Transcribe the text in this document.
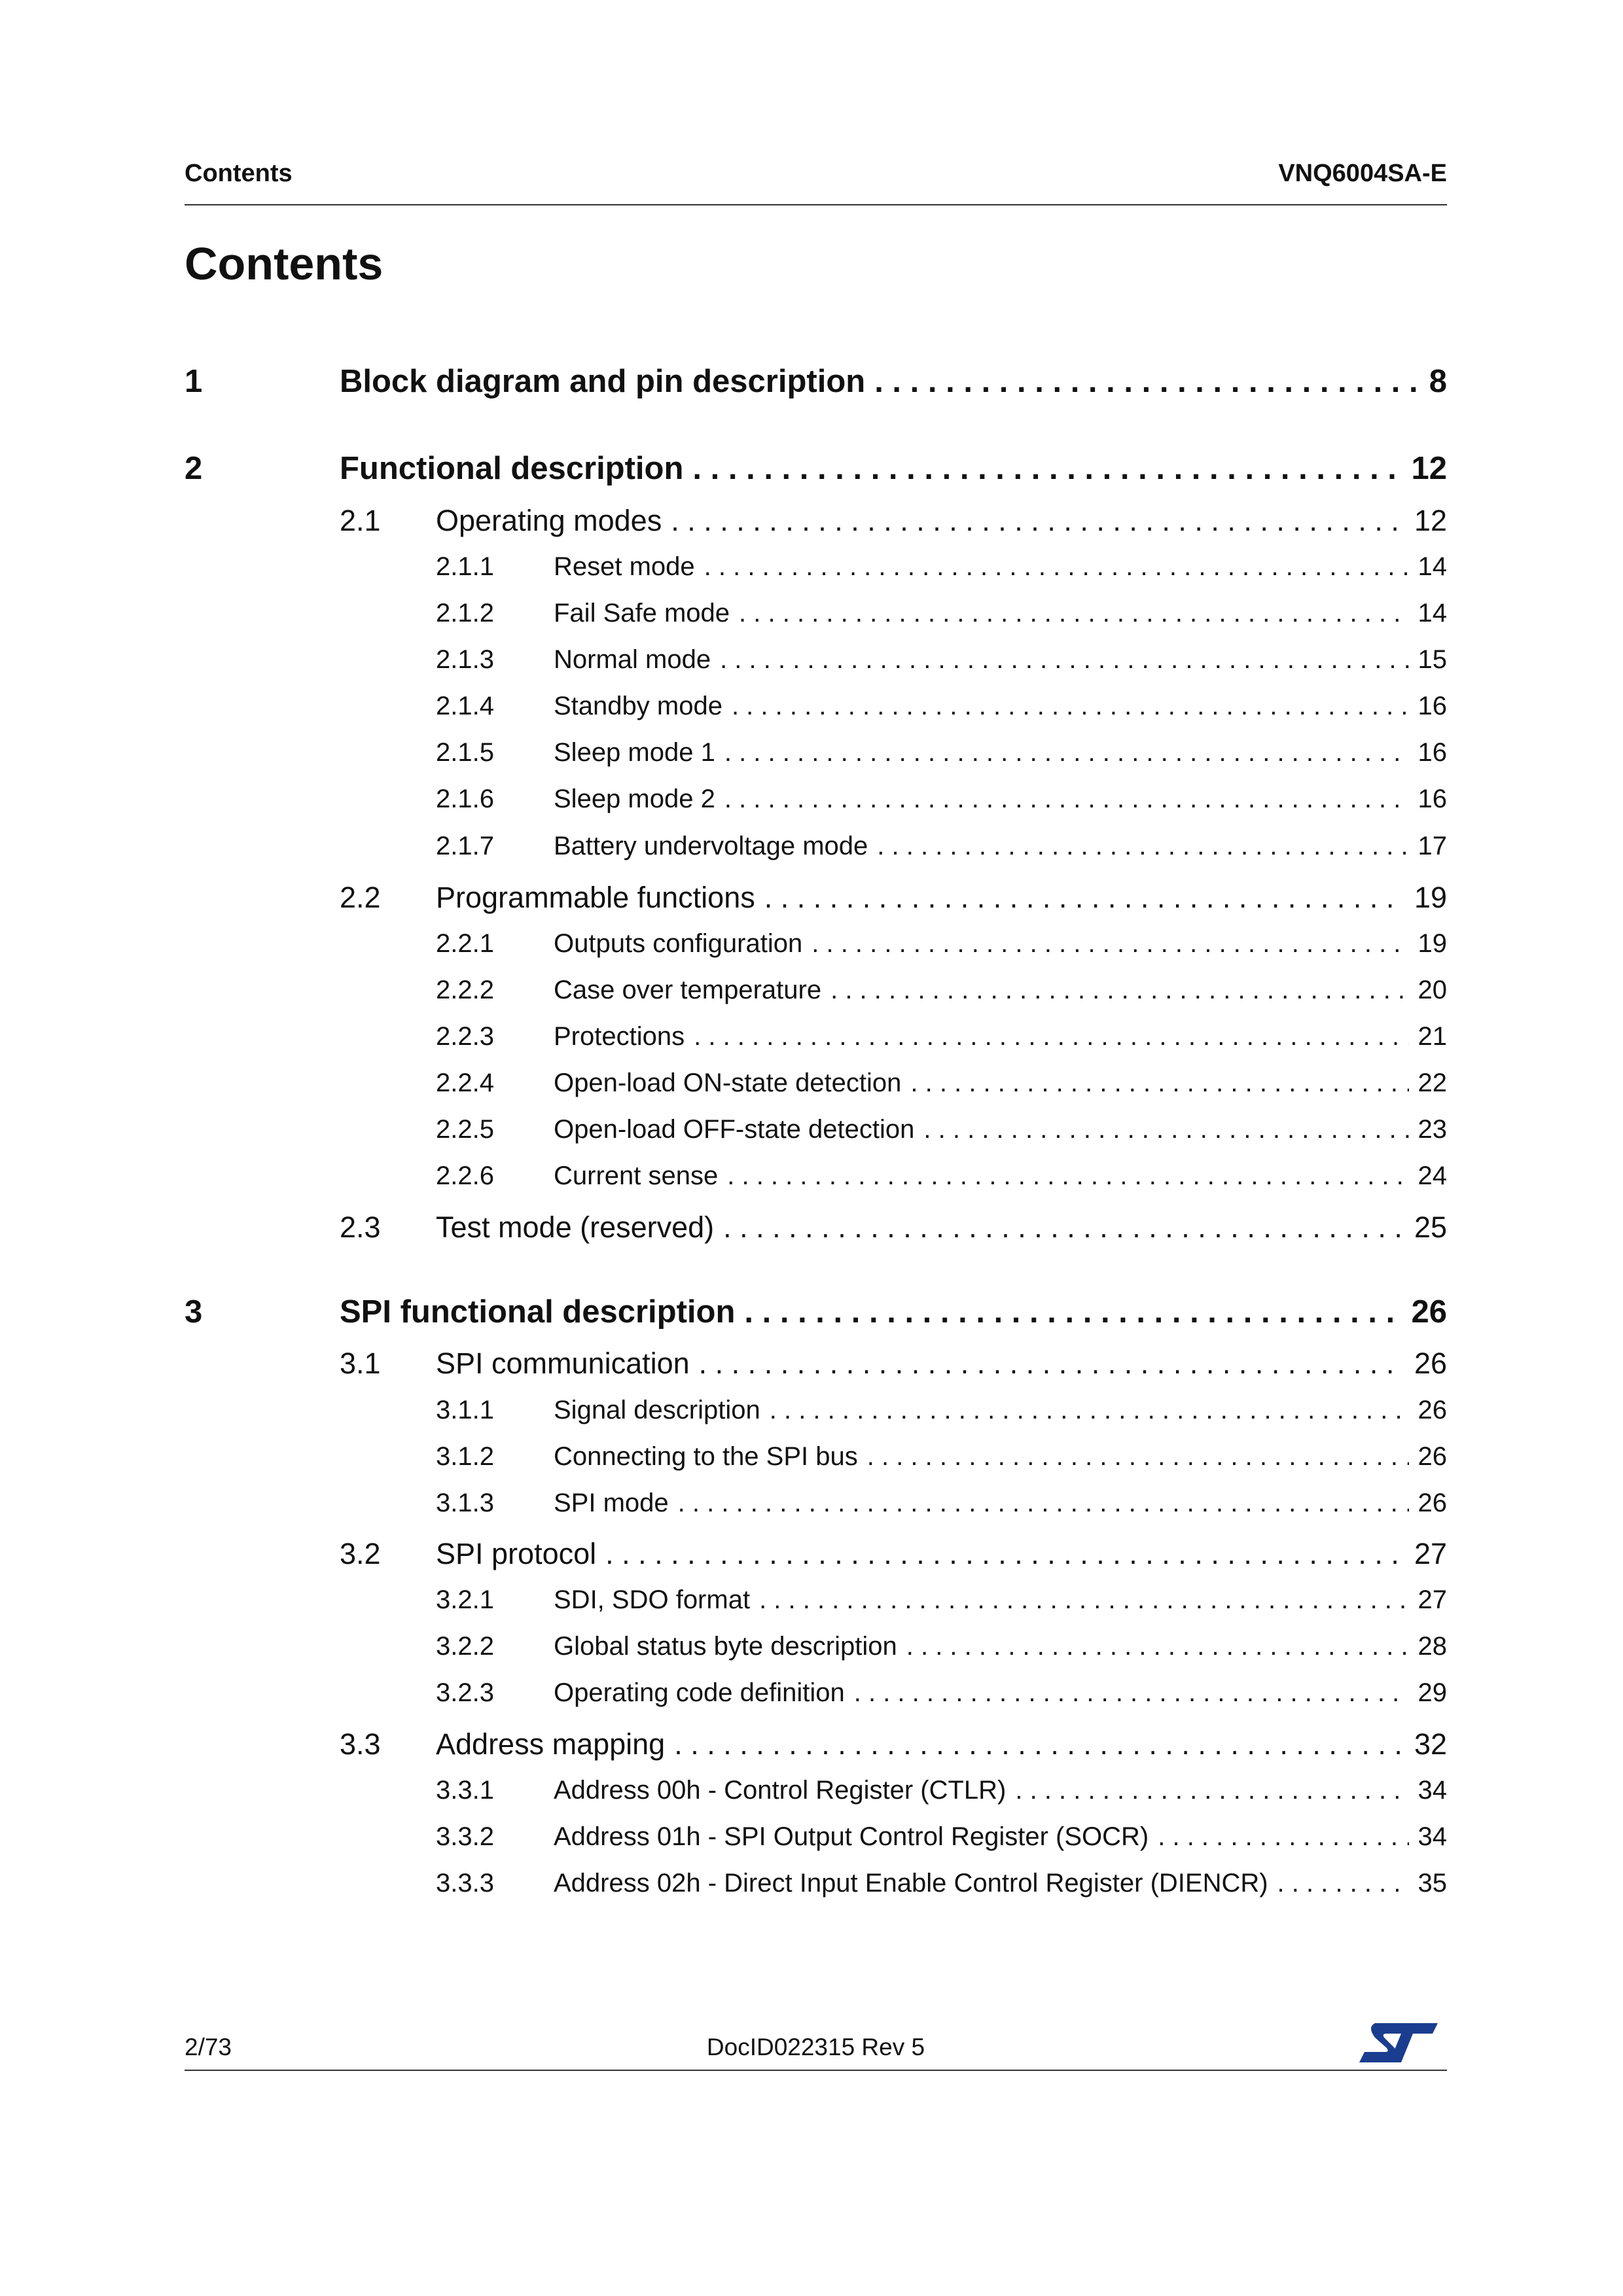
Contents	VNQ6004SA-E
Contents
1	Block diagram and pin description . . .	8
2	Functional description . . .	12
2.1	Operating modes . . .	12
2.1.1	Reset mode . . .	14
2.1.2	Fail Safe mode . . .	14
2.1.3	Normal mode . . .	15
2.1.4	Standby mode . . .	16
2.1.5	Sleep mode 1 . . .	16
2.1.6	Sleep mode 2 . . .	16
2.1.7	Battery undervoltage mode . . .	17
2.2	Programmable functions . . .	19
2.2.1	Outputs configuration . . .	19
2.2.2	Case over temperature . . .	20
2.2.3	Protections . . .	21
2.2.4	Open-load ON-state detection . . .	22
2.2.5	Open-load OFF-state detection . . .	23
2.2.6	Current sense . . .	24
2.3	Test mode (reserved) . . .	25
3	SPI functional description . . .	26
3.1	SPI communication . . .	26
3.1.1	Signal description . . .	26
3.1.2	Connecting to the SPI bus . . .	26
3.1.3	SPI mode . . .	26
3.2	SPI protocol . . .	27
3.2.1	SDI, SDO format . . .	27
3.2.2	Global status byte description . . .	28
3.2.3	Operating code definition . . .	29
3.3	Address mapping . . .	32
3.3.1	Address 00h - Control Register (CTLR) . . .	34
3.3.2	Address 01h - SPI Output Control Register (SOCR) . . .	34
3.3.3	Address 02h - Direct Input Enable Control Register (DIENCR) . . .	35
2/73	DocID022315 Rev 5
